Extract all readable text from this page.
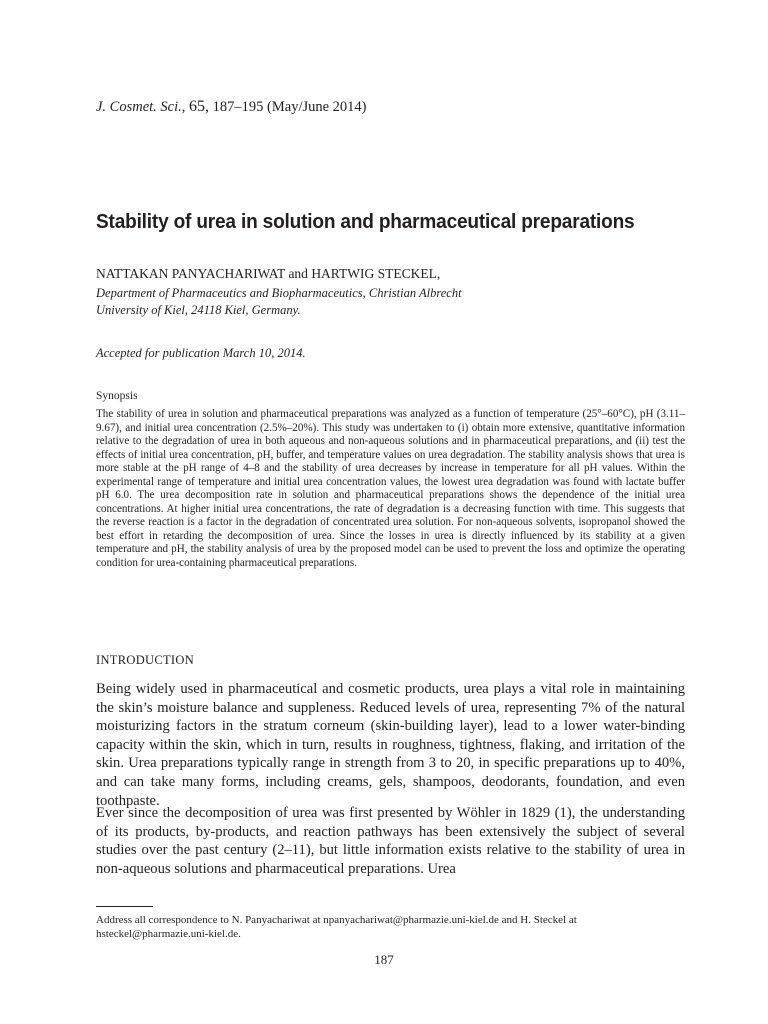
J. Cosmet. Sci., 65, 187–195 (May/June 2014)
Stability of urea in solution and pharmaceutical preparations
NATTAKAN PANYACHARIWAT and HARTWIG STECKEL,
Department of Pharmaceutics and Biopharmaceutics, Christian Albrecht
University of Kiel, 24118 Kiel, Germany.
Accepted for publication March 10, 2014.
Synopsis

The stability of urea in solution and pharmaceutical preparations was analyzed as a function of temperature (25°–60°C), pH (3.11–9.67), and initial urea concentration (2.5%–20%). This study was undertaken to (i) obtain more extensive, quantitative information relative to the degradation of urea in both aqueous and non-aqueous solutions and in pharmaceutical preparations, and (ii) test the effects of initial urea concentration, pH, buffer, and temperature values on urea degradation. The stability analysis shows that urea is more stable at the pH range of 4–8 and the stability of urea decreases by increase in temperature for all pH values. Within the experimental range of temperature and initial urea concentration values, the lowest urea degradation was found with lactate buffer pH 6.0. The urea decomposition rate in solution and pharmaceutical preparations shows the dependence of the initial urea concentrations. At higher initial urea concentrations, the rate of degradation is a decreasing function with time. This suggests that the reverse reaction is a factor in the degradation of concentrated urea solution. For non-aqueous solvents, isopropanol showed the best effort in retarding the decomposition of urea. Since the losses in urea is directly influenced by its stability at a given temperature and pH, the stability analysis of urea by the proposed model can be used to prevent the loss and optimize the operating condition for urea-containing pharmaceutical preparations.

INTRODUCTION

Being widely used in pharmaceutical and cosmetic products, urea plays a vital role in maintaining the skin’s moisture balance and suppleness. Reduced levels of urea, representing 7% of the natural moisturizing factors in the stratum corneum (skin-building layer), lead to a lower water-binding capacity within the skin, which in turn, results in roughness, tightness, flaking, and irritation of the skin. Urea preparations typically range in strength from 3 to 20, in specific preparations up to 40%, and can take many forms, including creams, gels, shampoos, deodorants, foundation, and even toothpaste.

Ever since the decomposition of urea was first presented by Wöhler in 1829 (1), the understanding of its products, by-products, and reaction pathways has been extensively the subject of several studies over the past century (2–11), but little information exists relative to the stability of urea in non-aqueous solutions and pharmaceutical preparations. Urea

Address all correspondence to N. Panyachariwat at npanyachariwat@pharmazie.uni-kiel.de and H. Steckel at hsteckel@pharmazie.uni-kiel.de.

187
